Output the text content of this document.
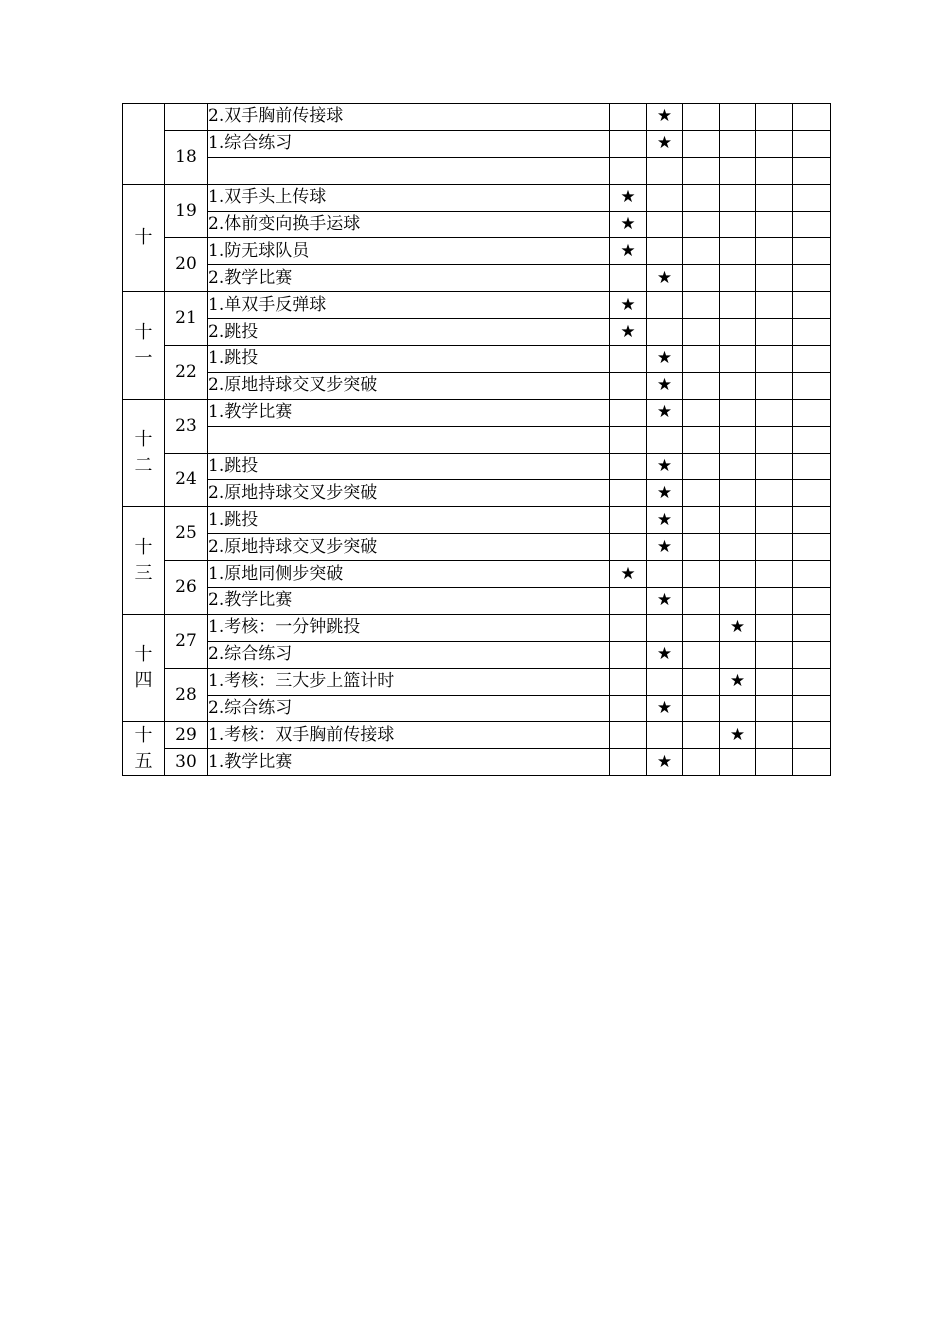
		2.双手胸前传接球		★				
	18	1.综合练习		★				

十	19	1.双手头上传球	★					
		2.体前变向换手运球	★					
	20	1.防无球队员	★					
		2.教学比赛		★				

十
一	21	1.单双手反弹球	★					
		2.跳投	★					
	22	1.跳投		★				
		2.原地持球交叉步突破		★				

十
二	23	1.教学比赛		★				

	24	1.跳投		★				
		2.原地持球交叉步突破		★				

十
三	25	1.跳投		★				
		2.原地持球交叉步突破		★				
	26	1.原地同侧步突破	★					
		2.教学比赛		★				

十
四	27	1.考核：一分钟跳投				★		
		2.综合练习		★				
	28	1.考核：三大步上篮计时				★		
		2.综合练习		★				

十
五	29	1.考核：双手胸前传接球				★		
	30	1.教学比赛		★				
